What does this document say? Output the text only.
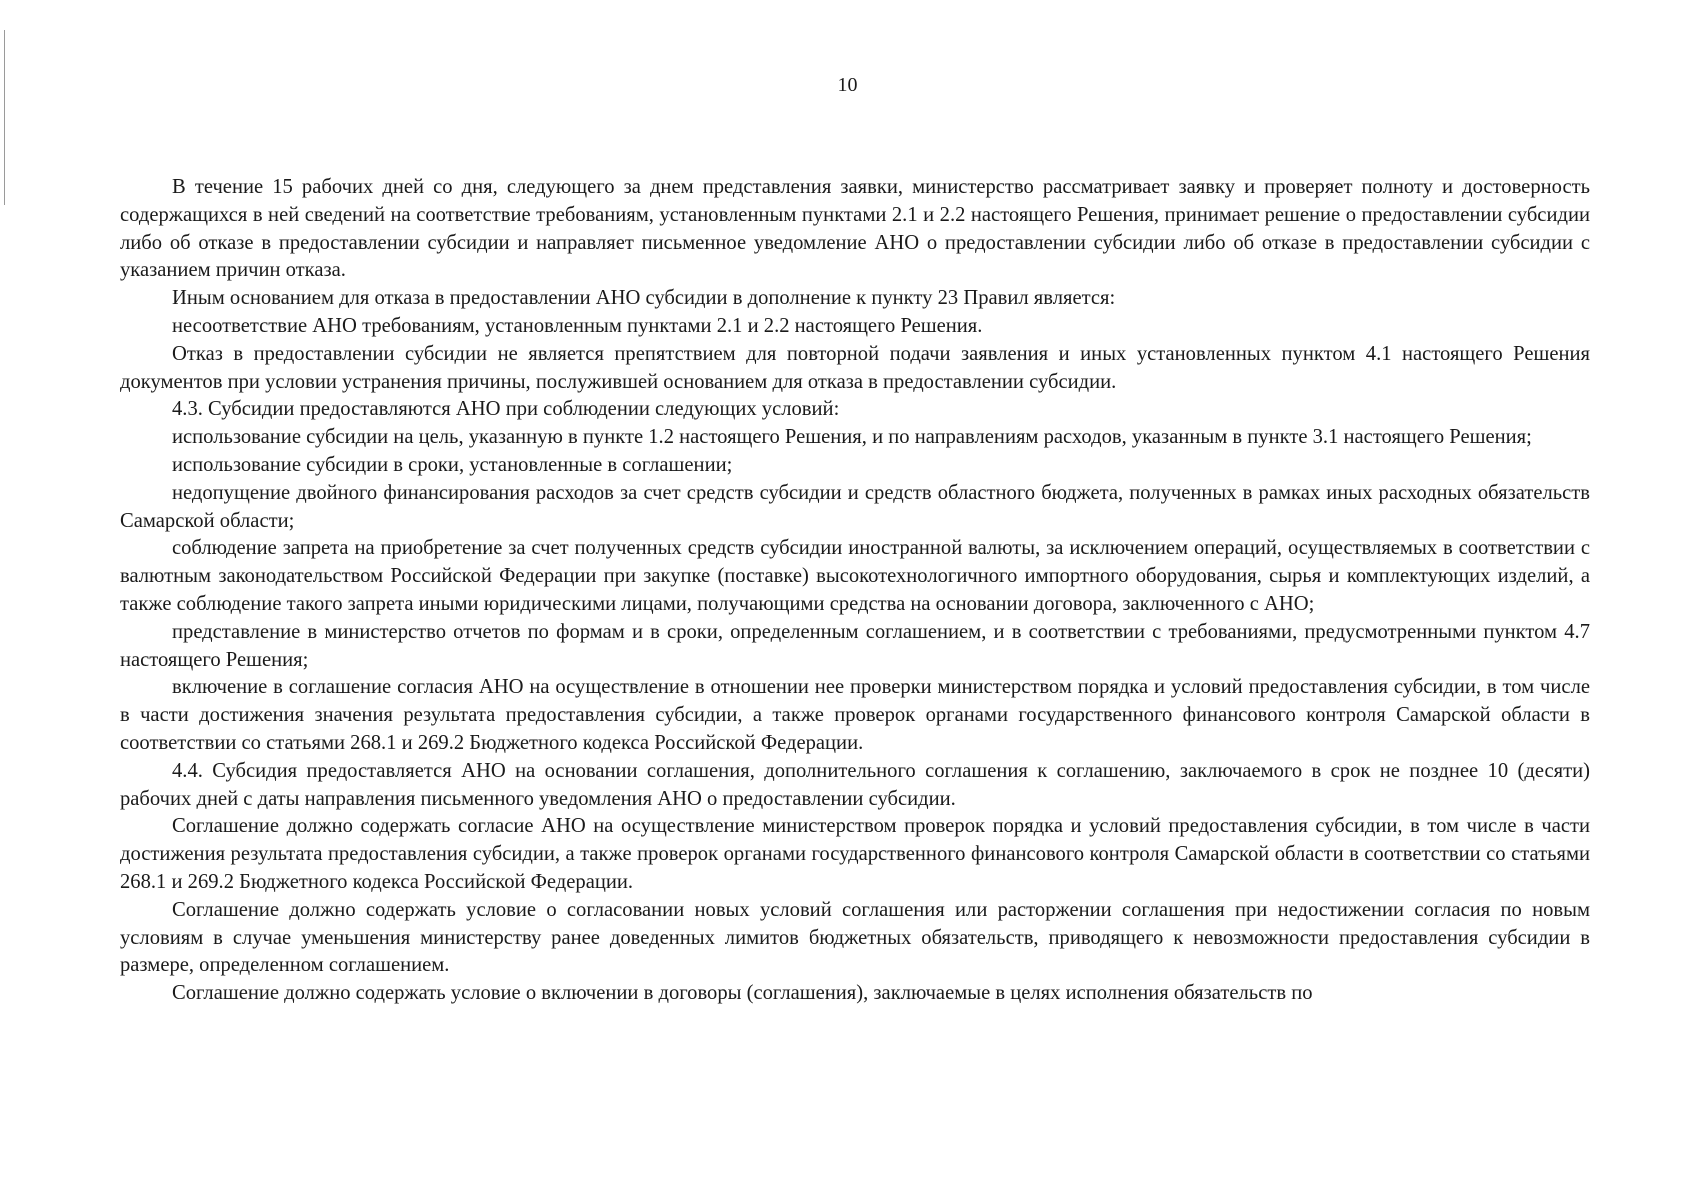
10

В течение 15 рабочих дней со дня, следующего за днем представления заявки, министерство рассматривает заявку и проверяет полноту и достоверность содержащихся в ней сведений на соответствие требованиям, установленным пунктами 2.1 и 2.2 настоящего Решения, принимает решение о предоставлении субсидии либо об отказе в предоставлении субсидии и направляет письменное уведомление АНО о предоставлении субсидии либо об отказе в предоставлении субсидии с указанием причин отказа.

Иным основанием для отказа в предоставлении АНО субсидии в дополнение к пункту 23 Правил является:

несоответствие АНО требованиям, установленным пунктами 2.1 и 2.2 настоящего Решения.

Отказ в предоставлении субсидии не является препятствием для повторной подачи заявления и иных установленных пунктом 4.1 настоящего Решения документов при условии устранения причины, послужившей основанием для отказа в предоставлении субсидии.

4.3. Субсидии предоставляются АНО при соблюдении следующих условий:

использование субсидии на цель, указанную в пункте 1.2 настоящего Решения, и по направлениям расходов, указанным в пункте 3.1 настоящего Решения;

использование субсидии в сроки, установленные в соглашении;

недопущение двойного финансирования расходов за счет средств субсидии и средств областного бюджета, полученных в рамках иных расходных обязательств Самарской области;

соблюдение запрета на приобретение за счет полученных средств субсидии иностранной валюты, за исключением операций, осуществляемых в соответствии с валютным законодательством Российской Федерации при закупке (поставке) высокотехнологичного импортного оборудования, сырья и комплектующих изделий, а также соблюдение такого запрета иными юридическими лицами, получающими средства на основании договора, заключенного с АНО;

представление в министерство отчетов по формам и в сроки, определенным соглашением, и в соответствии с требованиями, предусмотренными пунктом 4.7 настоящего Решения;

включение в соглашение согласия АНО на осуществление в отношении нее проверки министерством порядка и условий предоставления субсидии, в том числе в части достижения значения результата предоставления субсидии, а также проверок органами государственного финансового контроля Самарской области в соответствии со статьями 268.1 и 269.2 Бюджетного кодекса Российской Федерации.

4.4. Субсидия предоставляется АНО на основании соглашения, дополнительного соглашения к соглашению, заключаемого в срок не позднее 10 (десяти) рабочих дней с даты направления письменного уведомления АНО о предоставлении субсидии.

Соглашение должно содержать согласие АНО на осуществление министерством проверок порядка и условий предоставления субсидии, в том числе в части достижения результата предоставления субсидии, а также проверок органами государственного финансового контроля Самарской области в соответствии со статьями 268.1 и 269.2 Бюджетного кодекса Российской Федерации.

Соглашение должно содержать условие о согласовании новых условий соглашения или расторжении соглашения при недостижении согласия по новым условиям в случае уменьшения министерству ранее доведенных лимитов бюджетных обязательств, приводящего к невозможности предоставления субсидии в размере, определенном соглашением.

Соглашение должно содержать условие о включении в договоры (соглашения), заключаемые в целях исполнения обязательств по
